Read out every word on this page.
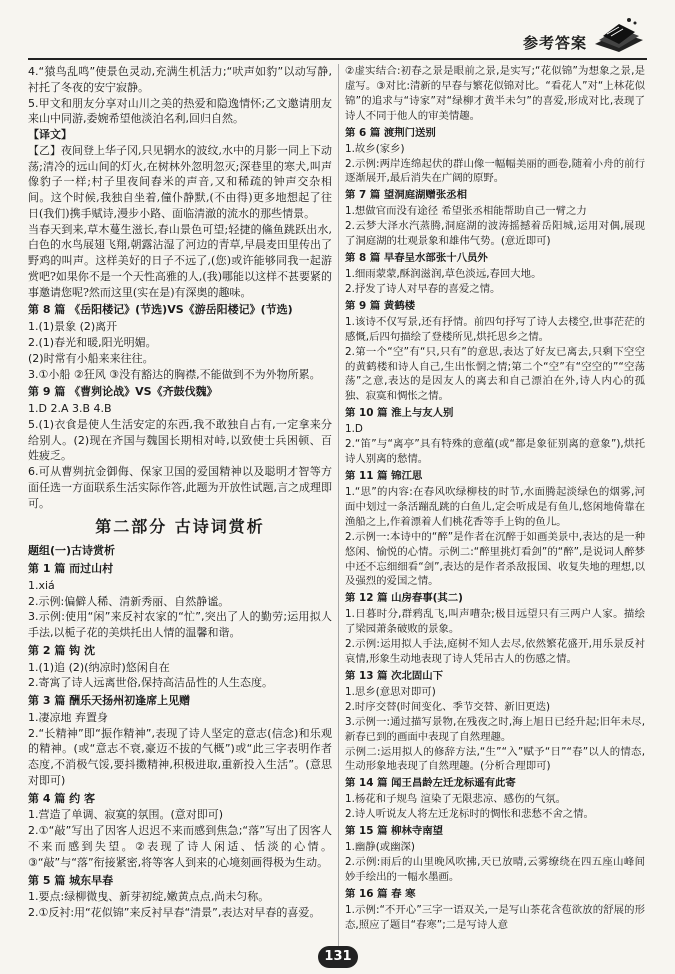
参考答案
4.“猿鸟乱鸣”使景色灵动,充满生机活力;“吠声如豹”以动写静,衬托了冬夜的安宁寂静。
5.甲文和朋友分享对山川之美的热爱和隐逸情怀;乙文邀请朋友来山中同游,委婉希望他淡泊名利,回归自然。
【译文】
【乙】夜间登上华子冈,只见辋水的波纹,水中的月影一同上下动荡;清冷的远山间的灯火,在树林外忽明忽灭;深巷里的寒犬,叫声像豹子一样;村子里夜间舂米的声音,又和稀疏的钟声交杂相间。这个时候,我独自坐着,僮仆静默,(不由得)更多地想起了往日(我们)携手赋诗,漫步小路、面临清澈的流水的那些情景。
当春天到来,草木蔓生滋长,春山景色可望;轻捷的鯈鱼跳跃出水,白色的水鸟展翅飞翔,朝露沾湿了河边的青草,早晨麦田里传出了野鸡的叫声。这样美好的日子不远了,(您)或许能够同我一起游赏吧?如果你不是一个天性高雅的人,(我)哪能以这样不甚要紧的事邀请您呢?然而这里(实在是)有深奥的趣味。
第 8 篇 《岳阳楼记》(节选)VS《游岳阳楼记》(节选)
1.(1)景象 (2)离开
2.(1)春光和暖,阳光明媚。
(2)时常有小船来来往往。
3.①小船 ②狂风 ③没有豁达的胸襟,不能做到不为外物所累。
第 9 篇 《曹刿论战》VS《齐鼓伐魏》
1.D 2.A 3.B 4.B
5.(1)衣食是使人生活安定的东西,我不敢独自占有,一定拿来分给别人。(2)现在齐国与魏国长期相对峙,以致使士兵困顿、百姓疲乏。
6.可从曹刿抗金御侮、保家卫国的爱国精神以及聪明才智等方面任选一方面联系生活实际作答,此题为开放性试题,言之成理即可。
第二部分 古诗词赏析
题组(一)古诗赏析
第 1 篇 而过山村
1.xiá
2.示例:偏僻人稀、清新秀丽、自然静谧。
3.示例:使用“闲”来反衬农家的“忙”,突出了人的勤劳;运用拟人手法,以栀子花的美烘托出人情的温馨和谐。
第 2 篇 钩 沈
1.(1)追 (2)(纳凉时)悠闲自在
2.寄寓了诗人远离世俗,保持高洁品性的人生态度。
第 3 篇 酬乐天扬州初逢席上见赠
1.凄凉地 弃置身
2.“长精神”即“振作精神”,表现了诗人坚定的意志(信念)和乐观的精神。(或“意志不衰,豪迈不拔的气概”)或“此三字表明作者态度,不消极气馁,要抖擞精神,积极进取,重新投入生活”。(意思对即可)
第 4 篇 约 客
1.营造了单调、寂寞的氛围。(意对即可)
2.①“敲”写出了因客人迟迟不来而感到焦急;“落”写出了因客人不来而感到失望。②表现了诗人闲适、恬淡的心情。③“敲”与“落”衔接紧密,将等客人到来的心境刻画得极为生动。
第 5 篇 城东早春
1.要点:绿柳微曳、新芽初绽,嫩黄点点,尚未匀称。
2.①反衬:用“花似锦”来反衬早春“清景”,表达对早春的喜爱。
②虚实结合:初春之景是眼前之景,是实写;“花似锦”为想象之景,是虚写。③对比:清新的早春与繁花似锦对比。“看花人”对“上林花似锦”的追求与“诗家”对“绿柳才黄半未匀”的喜爱,形成对比,表现了诗人不同于他人的审美情趣。
第 6 篇 渡荆门送别
1.故乡(家乡)
2.示例:两岸连绵起伏的群山像一幅幅美丽的画卷,随着小舟的前行逐渐展开,最后消失在广阔的原野。
第 7 篇 望洞庭湖赠张丞相
1.想做官而没有途径 希望张丞相能帮助自己一臂之力
2.云梦大泽水汽蒸腾,洞庭湖的波涛摇撼着岳阳城,运用对偶,展现了洞庭湖的壮观景象和雄伟气势。(意近即可)
第 8 篇 早春呈水部张十八员外
1.细雨蒙蒙,酥润滋润,草色淡远,春回大地。
2.抒发了诗人对早春的喜爱之情。
第 9 篇 黄鹤楼
1.该诗不仅写景,还有抒情。前四句抒写了诗人去楼空,世事茫茫的感慨,后四句描绘了登楼所见,烘托思乡之情。
2.第一个“空”有“只,只有”的意思,表达了好友已离去,只剩下空空的黄鹤楼和诗人自己,生出怅惘之情;第二个“空”有“空空的”“空荡荡”之意,表达的是因友人的离去和自己漂泊在外,诗人内心的孤独、寂寞和惆怅之情。
第 10 篇 淮上与友人别
1.D
2.“笛”与“离亭”具有特殊的意蕴(或“都是象征别离的意象”),烘托诗人别离的愁情。
第 11 篇 锦江思
1.“思”的内容:在春风吹绿柳枝的时节,水面腾起淡绿色的烟雾,河面中划过一条活蹦乱跳的白鱼儿,定会听成是有鱼儿,悠闲地倚靠在渔船之上,作着漂着人们桃花香等手上钩的鱼儿。
2.示例一:本诗中的“醉”是作者在沉醉于如画美景中,表达的是一种悠闲、愉悦的心情。示例二:“醉里挑灯看剑”的“醉”,是说词人醉梦中还不忘细细看“剑”,表达的是作者杀敌报国、收复失地的理想,以及强烈的爱国之情。
第 12 篇 山房春事(其二)
1.日暮时分,群鸦乱飞,叫声嘈杂;极目远望只有三两户人家。描绘了梁园萧条破败的景象。
2.示例:运用拟人手法,庭树不知人去尽,依然繁花盛开,用乐景反衬哀情,形象生动地表现了诗人凭吊古人的伤感之情。
第 13 篇 次北固山下
1.思乡(意思对即可)
2.时序交替(时间变化、季节交替、新旧更迭)
3.示例一:通过描写景物,在残夜之时,海上旭日已经升起;旧年未尽,新春已到的画面中表现了自然理趣。
示例二:运用拟人的修辞方法,“生”“入”赋予“日”“春”以人的情态,生动形象地表现了自然理趣。(分析合理即可)
第 14 篇 闻王昌龄左迁龙标遥有此寄
1.杨花和子规鸟 渲染了无限悲凉、感伤的气氛。
2.诗人听说友人将左迁龙标时的惆怅和悲愁不舍之情。
第 15 篇 柳林寺南望
1.幽静(或幽深)
2.示例:雨后的山里晚风吹拂,天已放晴,云雾缭绕在四五座山峰间妙手绘出的一幅水墨画。
第 16 篇 春 寒
1.示例:“不开心”三字一语双关,一是写山茶花含苞欲放的舒展的形态,照应了题目“春寒”;二是写诗人意
131
